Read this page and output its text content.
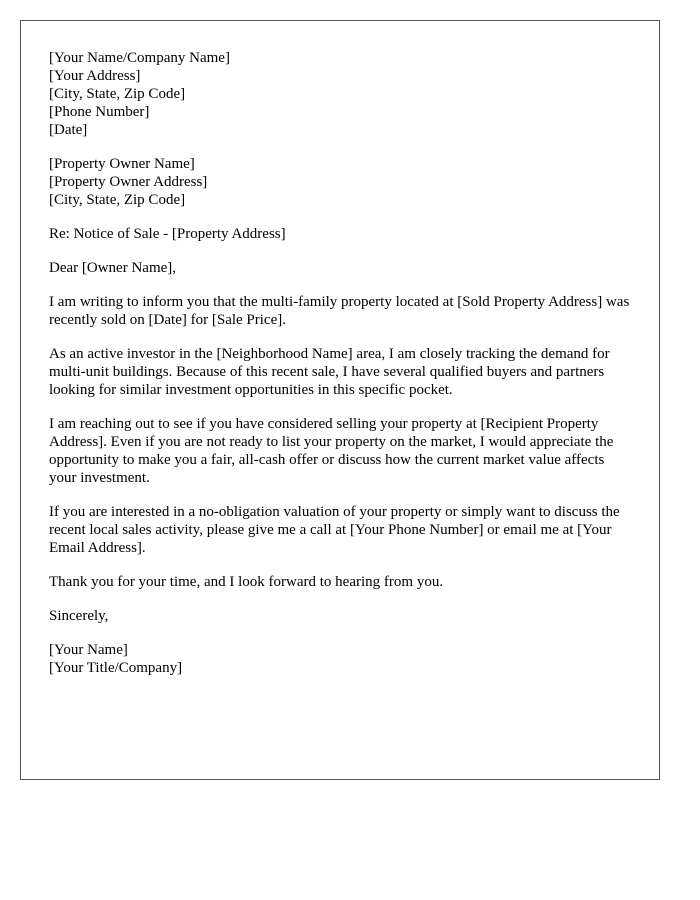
[Your Name/Company Name]
[Your Address]
[City, State, Zip Code]
[Phone Number]
[Date]
[Property Owner Name]
[Property Owner Address]
[City, State, Zip Code]

Re: Notice of Sale - [Property Address]

Dear [Owner Name],

I am writing to inform you that the multi-family property located at [Sold Property Address] was recently sold on [Date] for [Sale Price].

As an active investor in the [Neighborhood Name] area, I am closely tracking the demand for multi-unit buildings. Because of this recent sale, I have several qualified buyers and partners looking for similar investment opportunities in this specific pocket.

I am reaching out to see if you have considered selling your property at [Recipient Property Address]. Even if you are not ready to list your property on the market, I would appreciate the opportunity to make you a fair, all-cash offer or discuss how the current market value affects your investment.

If you are interested in a no-obligation valuation of your property or simply want to discuss the recent local sales activity, please give me a call at [Your Phone Number] or email me at [Your Email Address].

Thank you for your time, and I look forward to hearing from you.

Sincerely,

[Your Name]
[Your Title/Company]
